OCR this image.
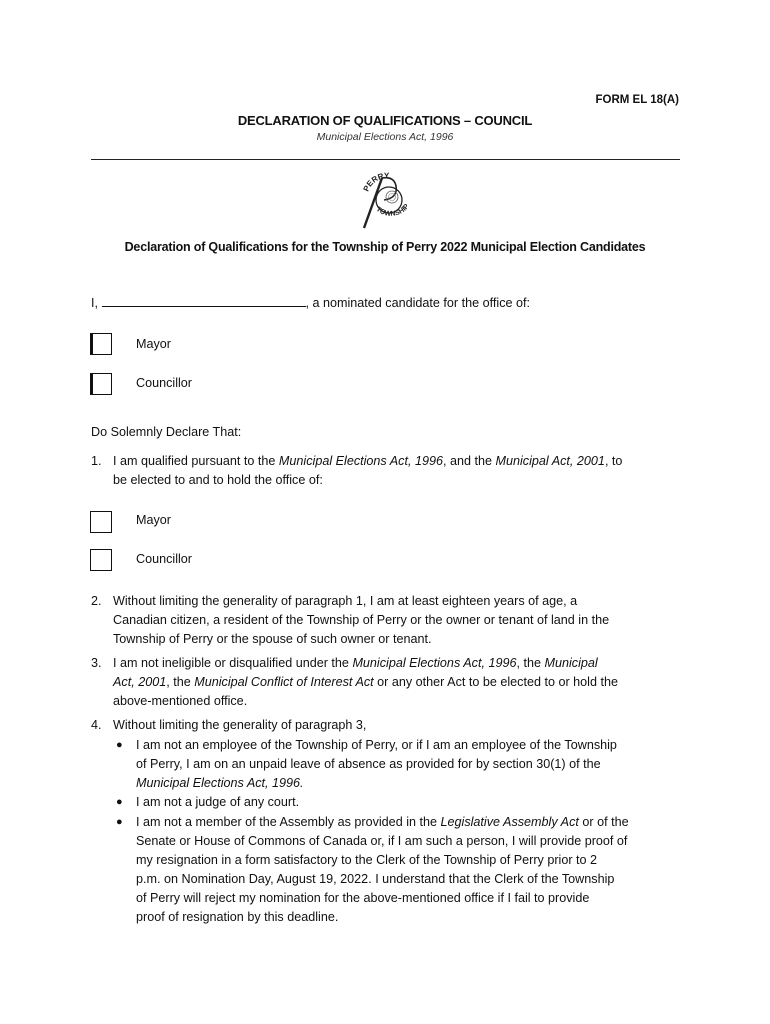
FORM EL 18(A)
DECLARATION OF QUALIFICATIONS – COUNCIL
Municipal Elections Act, 1996
PERRY
TOWNSHIP
Declaration of Qualifications for the Township of Perry 2022 Municipal Election Candidates
I,	, a nominated candidate for the office of:
Mayor
Councillor
Do Solemnly Declare That:
1. I am qualified pursuant to the Municipal Elections Act, 1996, and the Municipal Act, 2001, to
be elected to and to hold the office of:
Mayor
Councillor
2. Without limiting the generality of paragraph 1, I am at least eighteen years of age, a
Canadian citizen, a resident of the Township of Perry or the owner or tenant of land in the
Township of Perry or the spouse of such owner or tenant.
3. I am not ineligible or disqualified under the Municipal Elections Act, 1996, the Municipal
Act, 2001, the Municipal Conflict of Interest Act or any other Act to be elected to or hold the
above-mentioned office.
4. Without limiting the generality of paragraph 3,
● I am not an employee of the Township of Perry, or if I am an employee of the Township
of Perry, I am on an unpaid leave of absence as provided for by section 30(1) of the
Municipal Elections Act, 1996.
● I am not a judge of any court.
● I am not a member of the Assembly as provided in the Legislative Assembly Act or of the
Senate or House of Commons of Canada or, if I am such a person, I will provide proof of
my resignation in a form satisfactory to the Clerk of the Township of Perry prior to 2
p.m. on Nomination Day, August 19, 2022. I understand that the Clerk of the Township
of Perry will reject my nomination for the above-mentioned office if I fail to provide
proof of resignation by this deadline.
